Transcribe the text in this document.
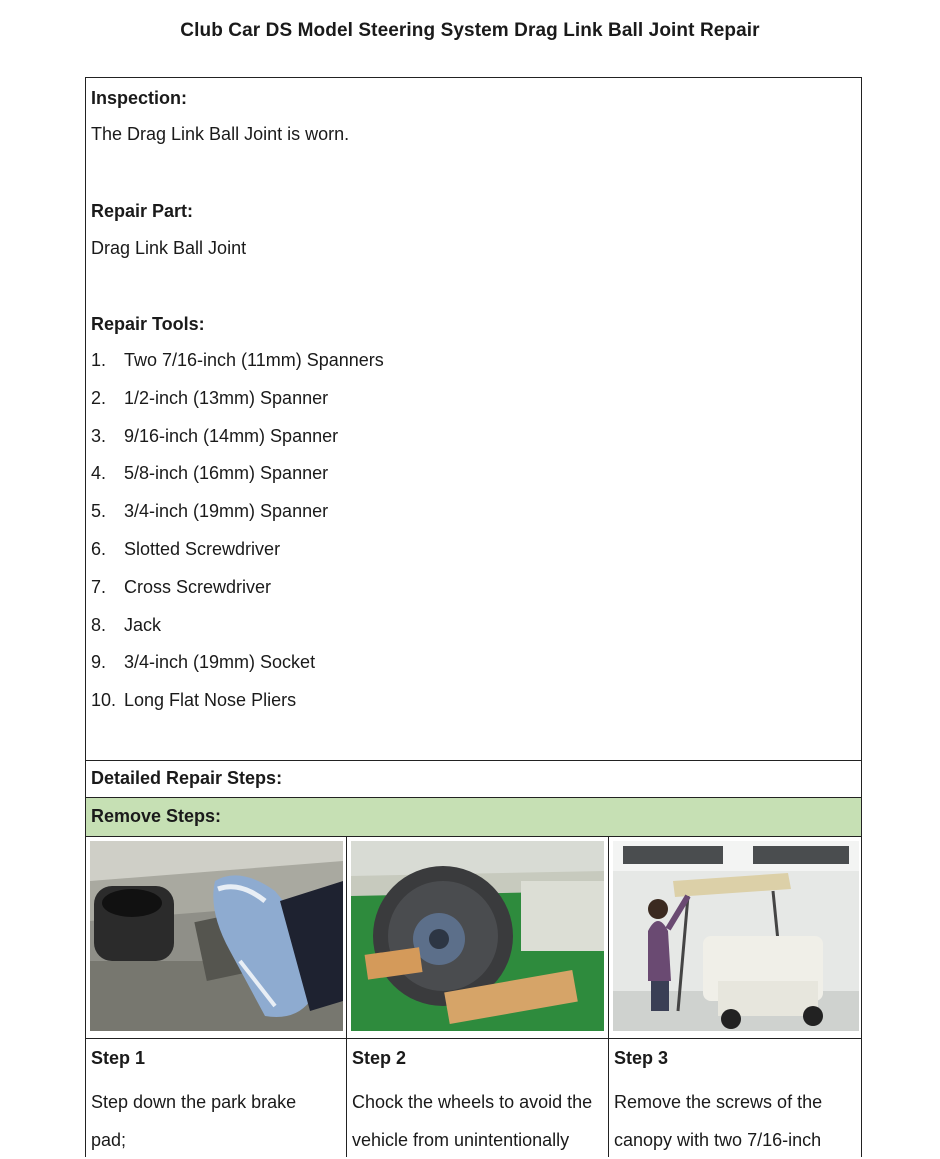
Club Car DS Model Steering System Drag Link Ball Joint Repair
Inspection:
The Drag Link Ball Joint is worn.
Repair Part:
Drag Link Ball Joint
Repair Tools:
1. Two 7/16-inch (11mm) Spanners
2. 1/2-inch (13mm) Spanner
3. 9/16-inch (14mm) Spanner
4. 5/8-inch (16mm) Spanner
5. 3/4-inch (19mm) Spanner
6. Slotted Screwdriver
7. Cross Screwdriver
8. Jack
9. 3/4-inch (19mm) Socket
10. Long Flat Nose Pliers
Detailed Repair Steps:
Remove Steps:
Step 1	Step 2	Step 3
Step down the park brake
pad;
Chock the wheels to avoid the
vehicle from unintentionally
Remove the screws of the
canopy with two 7/16-inch
